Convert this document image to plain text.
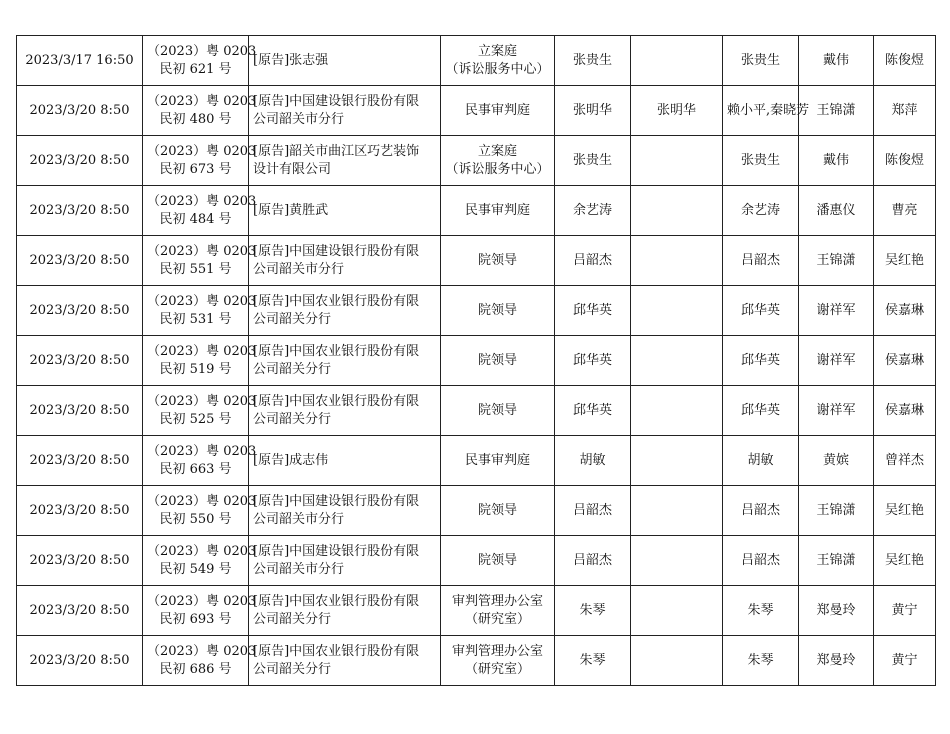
2023/3/17 16:50	（2023）粤 0203
民初 621 号	[原告]张志强	立案庭
（诉讼服务中心）	张贵生		张贵生	戴伟	陈俊煜
2023/3/20 8:50	（2023）粤 0203
民初 480 号	[原告]中国建设银行股份有限
公司韶关市分行	民事审判庭	张明华	张明华	赖小平,秦晓芳	王锦潇	郑萍
2023/3/20 8:50	（2023）粤 0203
民初 673 号	[原告]韶关市曲江区巧艺装饰
设计有限公司	立案庭
（诉讼服务中心）	张贵生		张贵生	戴伟	陈俊煜
2023/3/20 8:50	（2023）粤 0203
民初 484 号	[原告]黄胜武	民事审判庭	余艺涛		余艺涛	潘惠仪	曹亮
2023/3/20 8:50	（2023）粤 0203
民初 551 号	[原告]中国建设银行股份有限
公司韶关市分行	院领导	吕韶杰		吕韶杰	王锦潇	吴红艳
2023/3/20 8:50	（2023）粤 0203
民初 531 号	[原告]中国农业银行股份有限
公司韶关分行	院领导	邱华英		邱华英	谢祥军	侯嘉琳
2023/3/20 8:50	（2023）粤 0203
民初 519 号	[原告]中国农业银行股份有限
公司韶关分行	院领导	邱华英		邱华英	谢祥军	侯嘉琳
2023/3/20 8:50	（2023）粤 0203
民初 525 号	[原告]中国农业银行股份有限
公司韶关分行	院领导	邱华英		邱华英	谢祥军	侯嘉琳
2023/3/20 8:50	（2023）粤 0203
民初 663 号	[原告]成志伟	民事审判庭	胡敏		胡敏	黄嫔	曾祥杰
2023/3/20 8:50	（2023）粤 0203
民初 550 号	[原告]中国建设银行股份有限
公司韶关市分行	院领导	吕韶杰		吕韶杰	王锦潇	吴红艳
2023/3/20 8:50	（2023）粤 0203
民初 549 号	[原告]中国建设银行股份有限
公司韶关市分行	院领导	吕韶杰		吕韶杰	王锦潇	吴红艳
2023/3/20 8:50	（2023）粤 0203
民初 693 号	[原告]中国农业银行股份有限
公司韶关分行	审判管理办公室
（研究室）	朱琴		朱琴	郑曼玲	黄宁
2023/3/20 8:50	（2023）粤 0203
民初 686 号	[原告]中国农业银行股份有限
公司韶关分行	审判管理办公室
（研究室）	朱琴		朱琴	郑曼玲	黄宁
